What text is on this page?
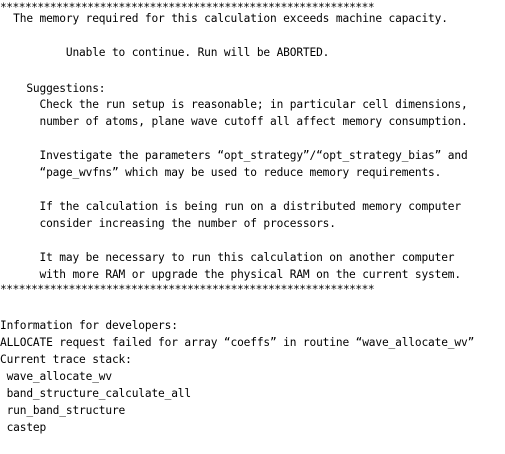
************************************************************
The memory required for this calculation exceeds machine capacity.
Unable to continue. Run will be ABORTED.
Suggestions:
Check the run setup is reasonable; in particular cell dimensions,
number of atoms, plane wave cutoff all affect memory consumption.
Investigate the parameters “opt_strategy”/“opt_strategy_bias” and
“page_wvfns” which may be used to reduce memory requirements.
If the calculation is being run on a distributed memory computer
consider increasing the number of processors.
It may be necessary to run this calculation on another computer
with more RAM or upgrade the physical RAM on the current system.
************************************************************
Information for developers:
ALLOCATE request failed for array “coeffs” in routine “wave_allocate_wv”
Current trace stack:
wave_allocate_wv
band_structure_calculate_all
run_band_structure
castep
